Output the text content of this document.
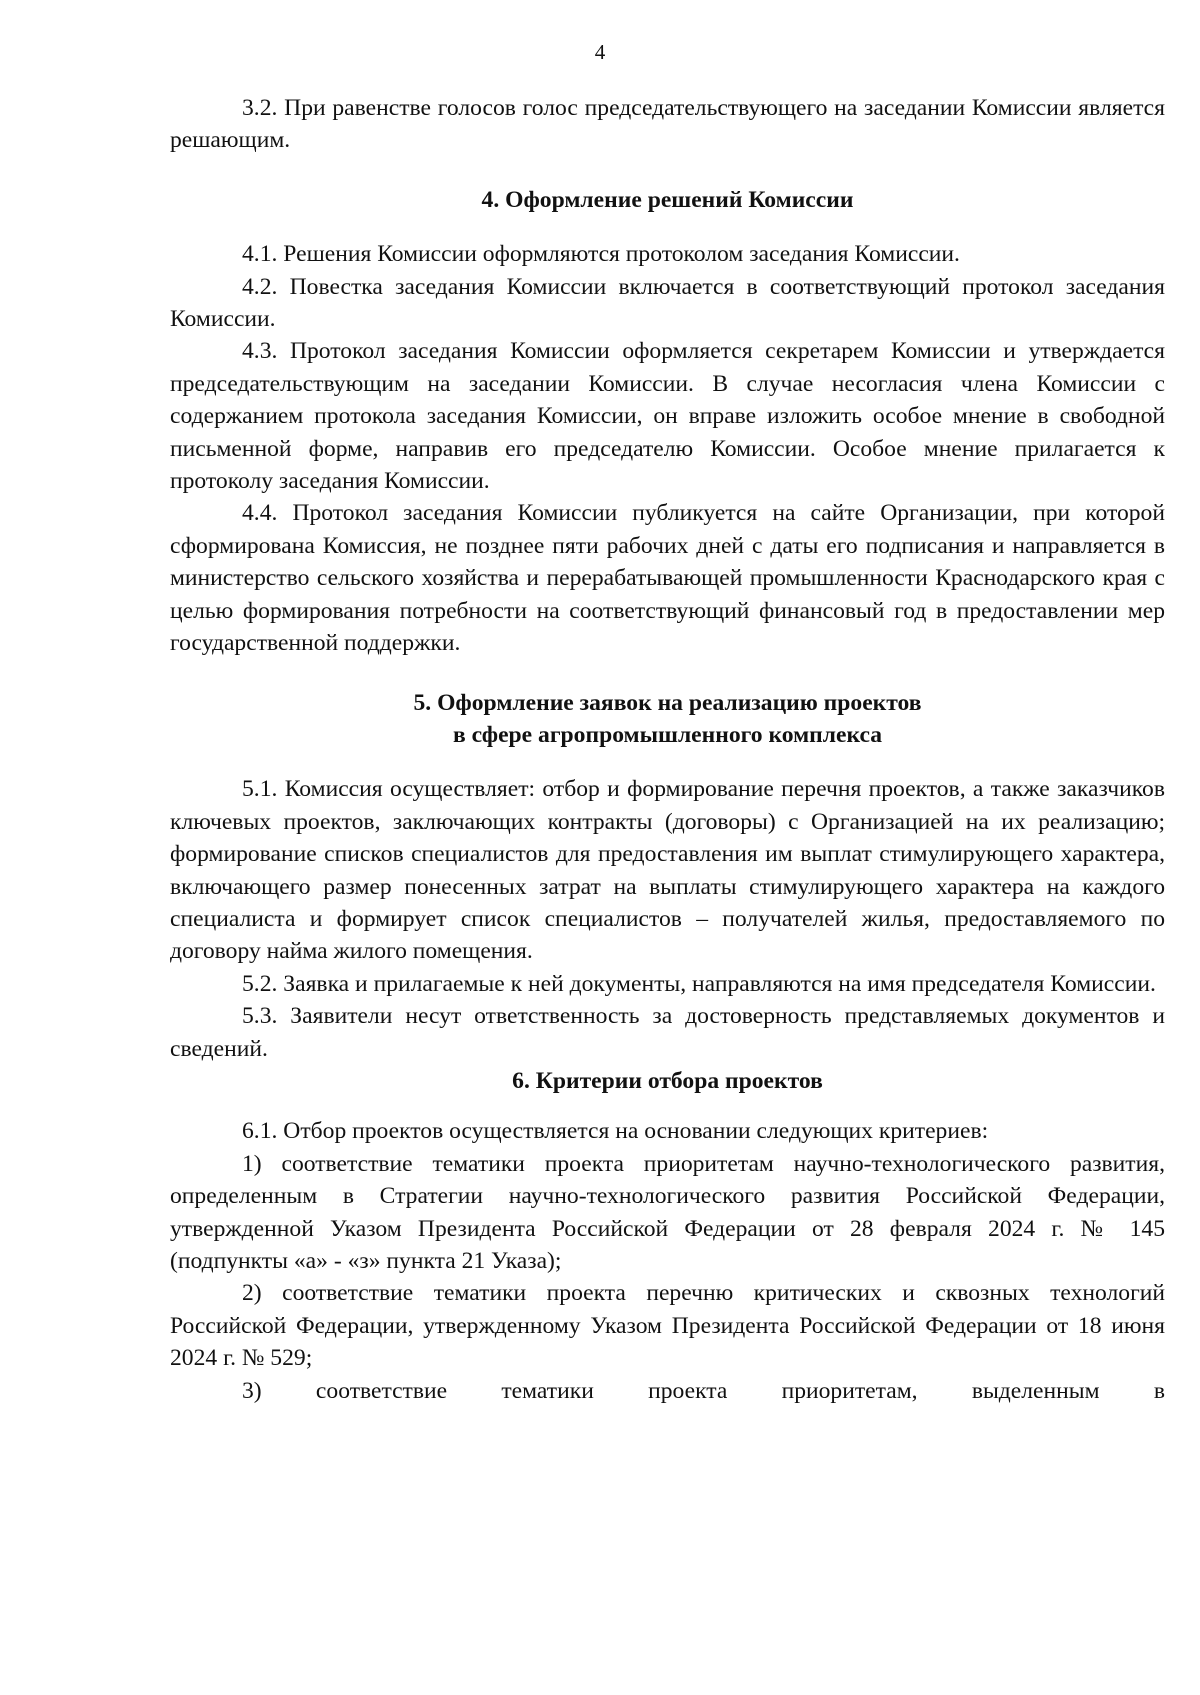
4

3.2. При равенстве голосов голос председательствующего на заседании Комиссии является решающим.

4. Оформление решений Комиссии

4.1. Решения Комиссии оформляются протоколом заседания Комиссии.

4.2. Повестка заседания Комиссии включается в соответствующий протокол заседания Комиссии.

4.3. Протокол заседания Комиссии оформляется секретарем Комиссии и утверждается председательствующим на заседании Комиссии. В случае несогласия члена Комиссии с содержанием протокола заседания Комиссии, он вправе изложить особое мнение в свободной письменной форме, направив его председателю Комиссии. Особое мнение прилагается к протоколу заседания Комиссии.

4.4. Протокол заседания Комиссии публикуется на сайте Организации, при которой сформирована Комиссия, не позднее пяти рабочих дней с даты его подписания и направляется в министерство сельского хозяйства и перерабатывающей промышленности Краснодарского края с целью формирования потребности на соответствующий финансовый год в предоставлении мер государственной поддержки.

5. Оформление заявок на реализацию проектов

в сфере агропромышленного комплекса

5.1. Комиссия осуществляет: отбор и формирование перечня проектов, а также заказчиков ключевых проектов, заключающих контракты (договоры) с Организацией на их реализацию; формирование списков специалистов для предоставления им выплат стимулирующего характера, включающего размер понесенных затрат на выплаты стимулирующего характера на каждого специалиста и формирует список специалистов – получателей жилья, предоставляемого по договору найма жилого помещения.

5.2. Заявка и прилагаемые к ней документы, направляются на имя председателя Комиссии.

5.3. Заявители несут ответственность за достоверность представляемых документов и сведений.

6. Критерии отбора проектов

6.1. Отбор проектов осуществляется на основании следующих критериев:

1) соответствие тематики проекта приоритетам научно-технологического развития, определенным в Стратегии научно-технологического развития Российской Федерации, утвержденной Указом Президента Российской Федерации от 28 февраля 2024 г. № 145 (подпункты «а» - «з» пункта 21 Указа);

2) соответствие тематики проекта перечню критических и сквозных технологий Российской Федерации, утвержденному Указом Президента Российской Федерации от 18 июня 2024 г. № 529;

3) соответствие тематики проекта приоритетам, выделенным в
